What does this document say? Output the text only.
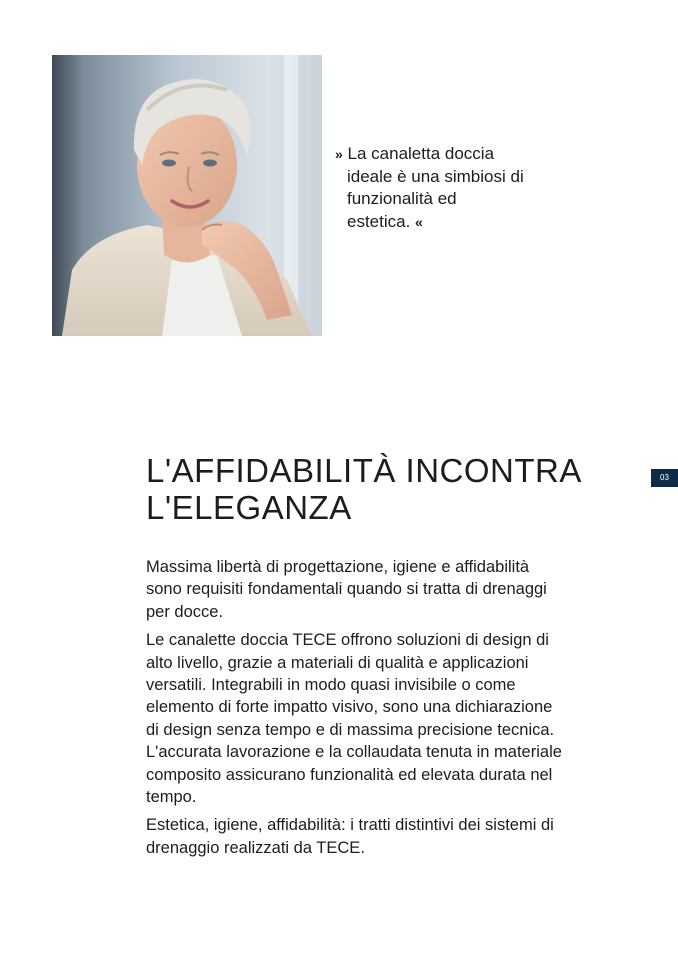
» La canaletta doccia
ideale è una simbiosi di
funzionalità ed
estetica. «
L'AFFIDABILITÀ INCONTRA
L'ELEGANZA

Massima libertà di progettazione, igiene e affidabilità
sono requisiti fondamentali quando si tratta di drenaggi
per docce.

Le canalette doccia TECE offrono soluzioni di design di
alto livello, grazie a materiali di qualità e applicazioni
versatili. Integrabili in modo quasi invisibile o come
elemento di forte impatto visivo, sono una dichiarazione
di design senza tempo e di massima precisione tecnica.
L'accurata lavorazione e la collaudata tenuta in materiale
composito assicurano funzionalità ed elevata durata nel
tempo.

Estetica, igiene, affidabilità: i tratti distintivi dei sistemi di
drenaggio realizzati da TECE.

03
